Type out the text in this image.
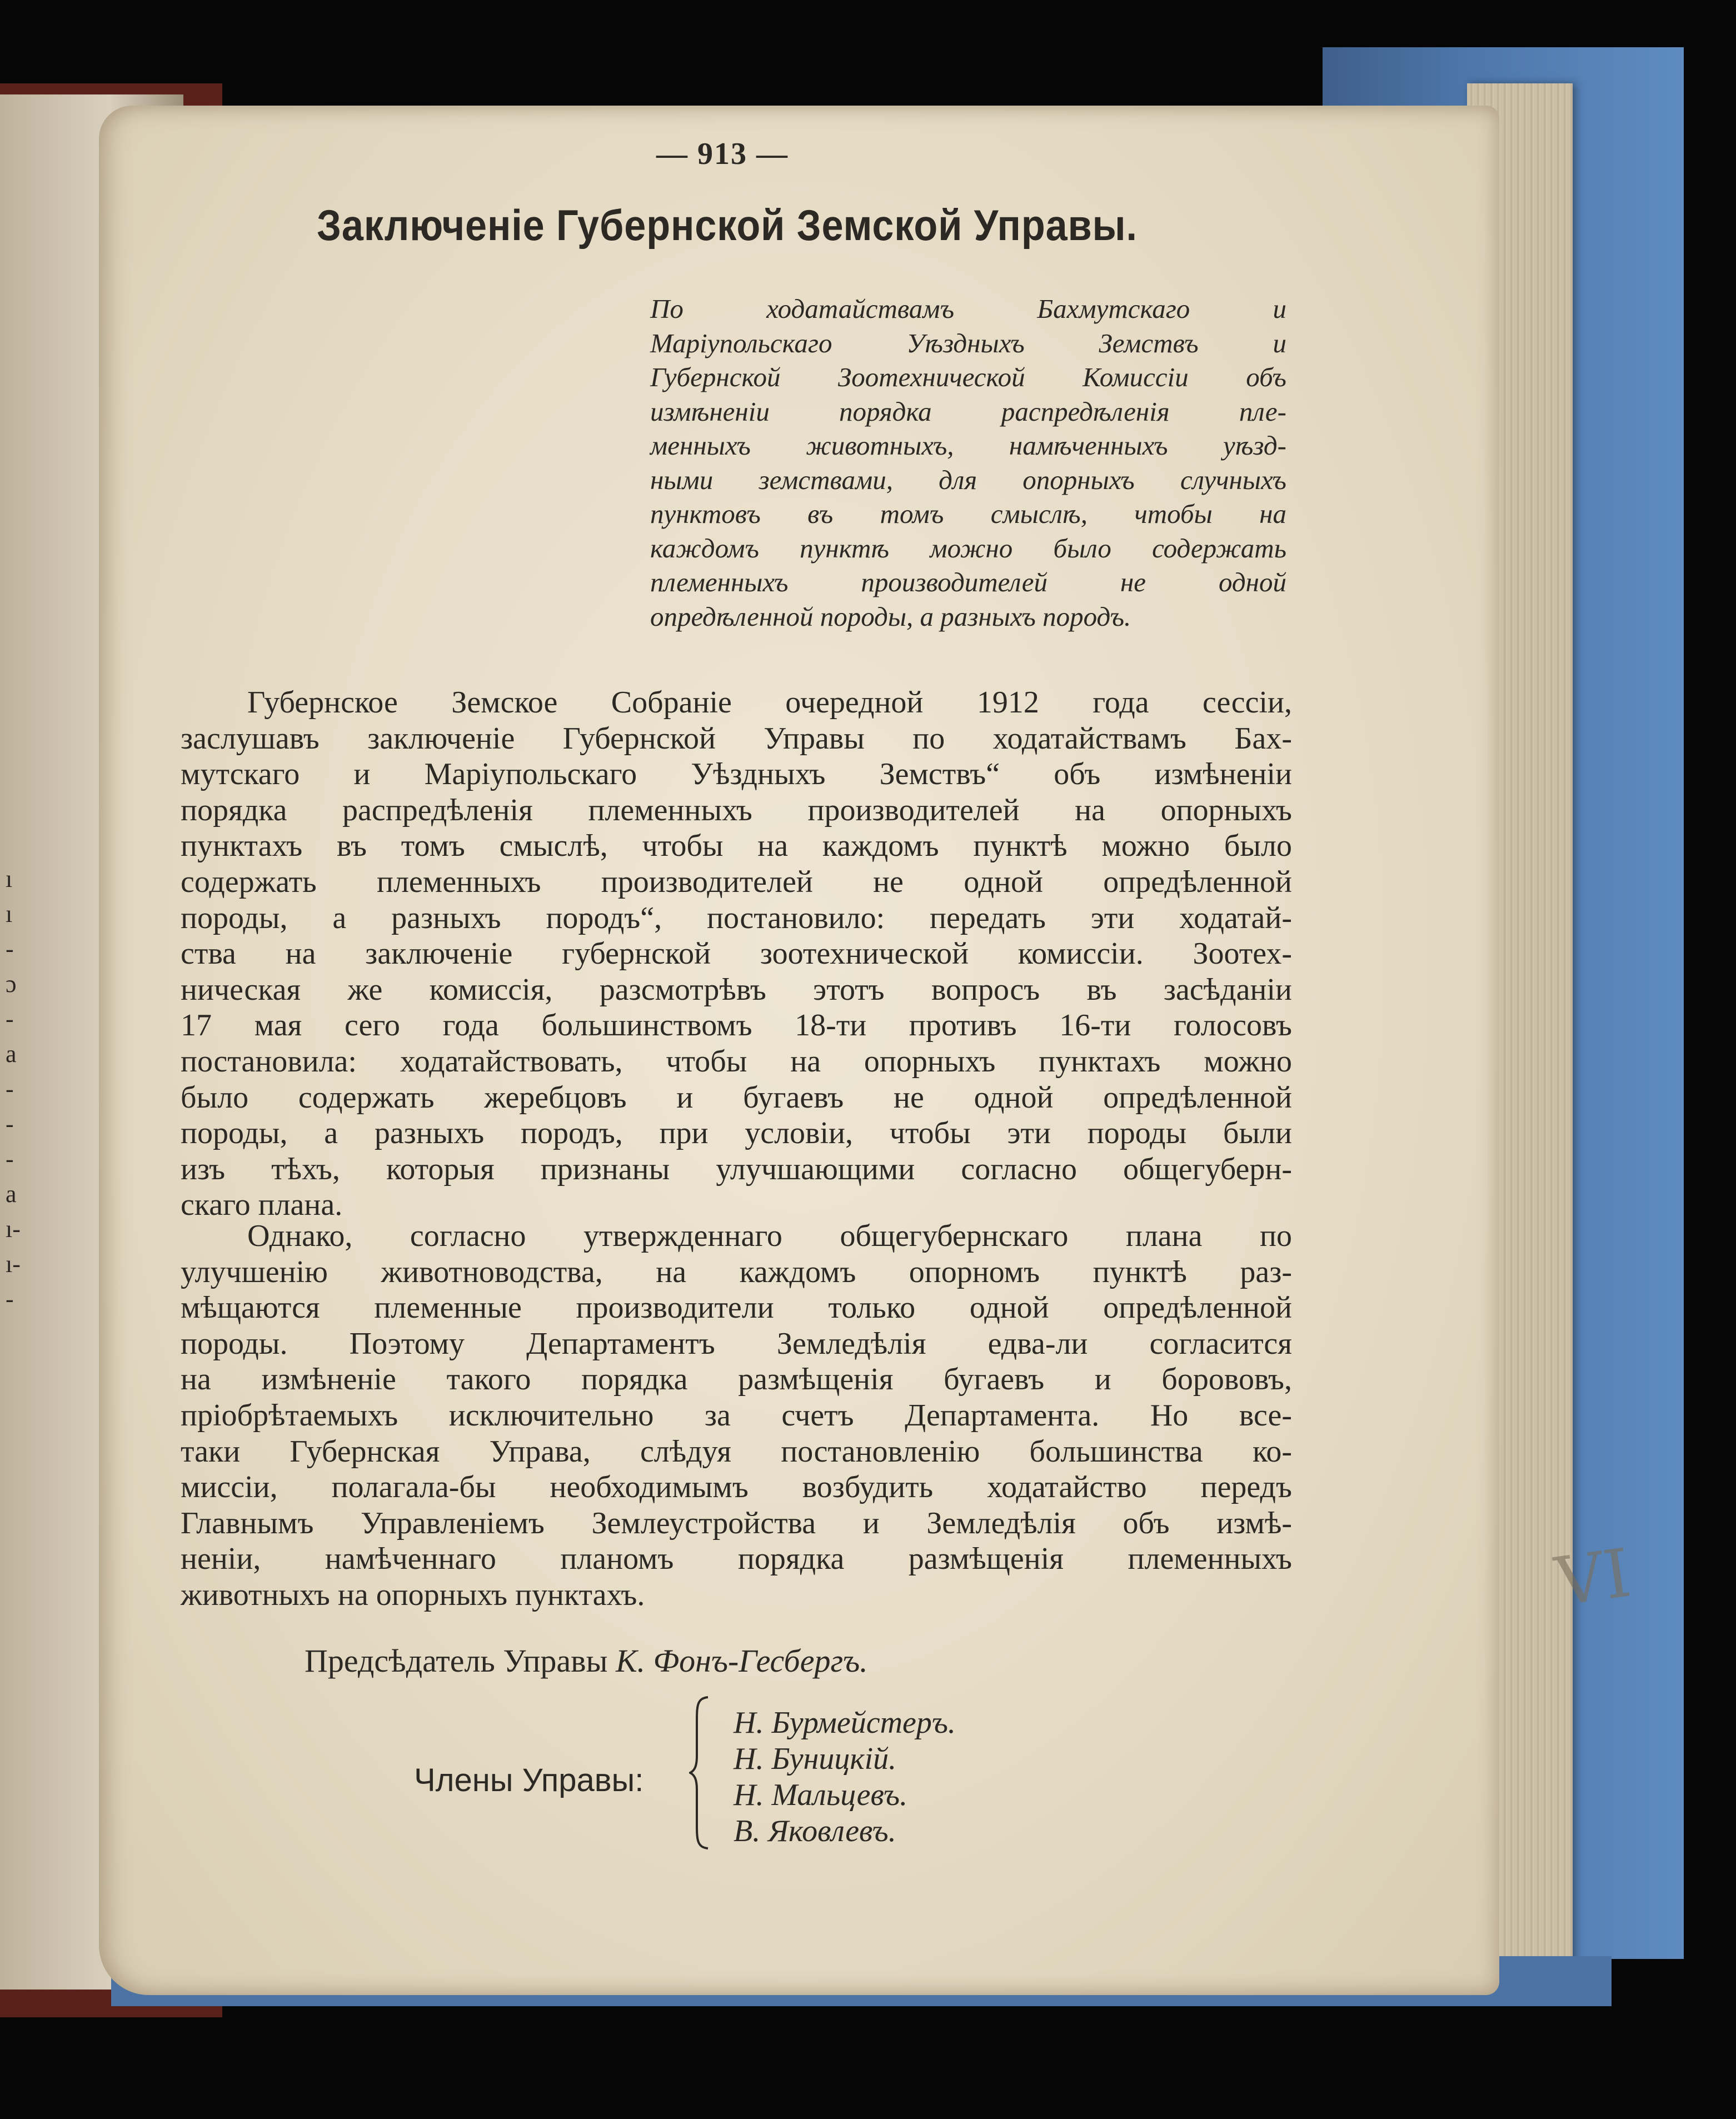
ı
ı
-
ɔ
-
a
-
-
-
a
ı-
ı-
-
— 913 —
Заключеніе Губернской Земской Управы.
По ходатайствамъ Бахмутскаго и
Маріупольскаго Уѣздныхъ Земствъ и
Губернской Зоотехнической Комиссіи объ
измѣненіи порядка распредѣленія пле-
менныхъ животныхъ, намѣченныхъ уѣзд-
ными земствами, для опорныхъ случныхъ
пунктовъ въ томъ смыслѣ, чтобы на
каждомъ пунктѣ можно было содержать
племенныхъ производителей не одной
опредѣленной породы, а разныхъ породъ.
Губернское Земское Собраніе очередной 1912 года сессіи,
заслушавъ заключеніе Губернской Управы по ходатайствамъ Бах-
мутскаго и Маріупольскаго Уѣздныхъ Земствъ“ объ измѣненіи
порядка распредѣленія племенныхъ производителей на опорныхъ
пунктахъ въ томъ смыслѣ, чтобы на каждомъ пунктѣ можно было
содержать племенныхъ производителей не одной опредѣленной
породы, а разныхъ породъ“, постановило: передать эти ходатай-
ства на заключеніе губернской зоотехнической комиссіи. Зоотех-
ническая же комиссія, разсмотрѣвъ этотъ вопросъ въ засѣданіи
17 мая сего года большинствомъ 18-ти противъ 16-ти голосовъ
постановила: ходатайствовать, чтобы на опорныхъ пунктахъ можно
было содержать жеребцовъ и бугаевъ не одной опредѣленной
породы, а разныхъ породъ, при условіи, чтобы эти породы были
изъ тѣхъ, которыя признаны улучшающими согласно общегуберн-
скаго плана.
Однако, согласно утвержденнаго общегубернскаго плана по
улучшенію животноводства, на каждомъ опорномъ пунктѣ раз-
мѣщаются племенные производители только одной опредѣленной
породы. Поэтому Департаментъ Земледѣлія едва-ли согласится
на измѣненіе такого порядка размѣщенія бугаевъ и борововъ,
пріобрѣтаемыхъ исключительно за счетъ Департамента. Но все-
таки Губернская Управа, слѣдуя постановленію большинства ко-
миссіи, полагала-бы необходимымъ возбудить ходатайство передъ
Главнымъ Управленіемъ Землеустройства и Земледѣлія объ измѣ-
неніи, намѣченнаго планомъ порядка размѣщенія племенныхъ
животныхъ на опорныхъ пунктахъ.
Предсѣдатель Управы К. Фонъ-Гесбергъ.
Члены Управы:
Н. Бурмейстеръ.
Н. Буницкій.
Н. Мальцевъ.
В. Яковлевъ.
VI
